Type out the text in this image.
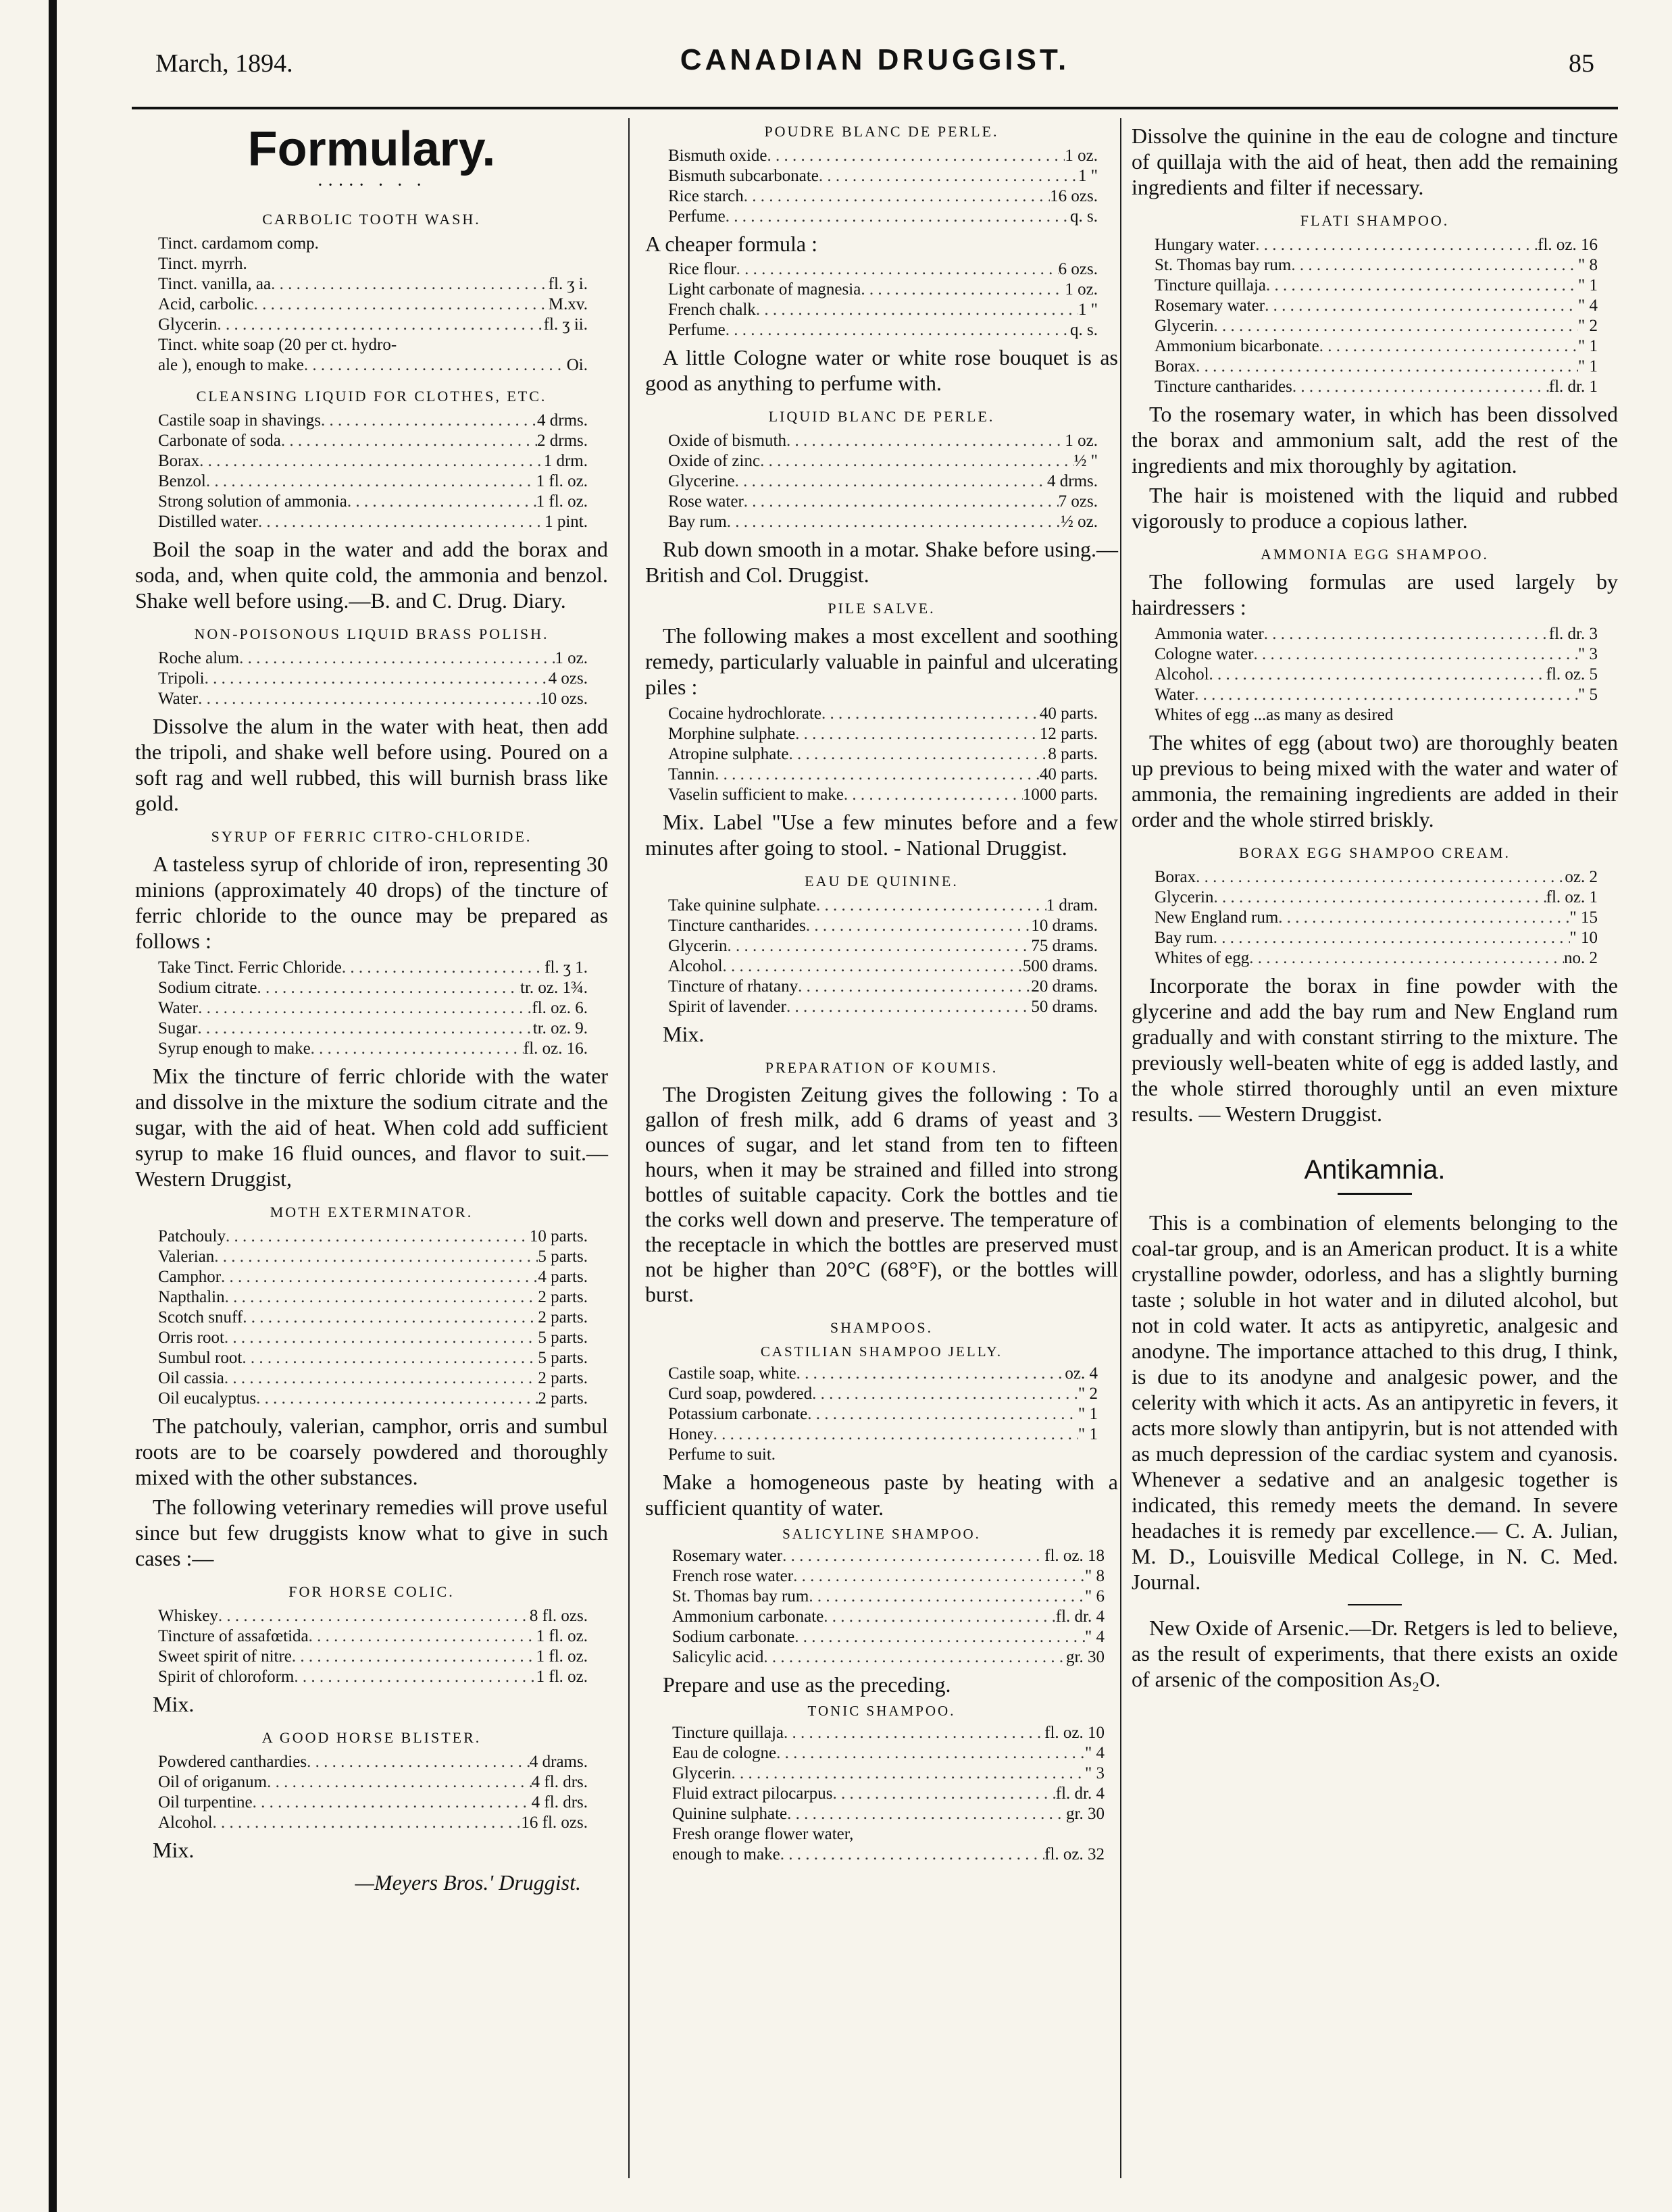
March, 1894.	CANADIAN DRUGGIST.	85
Formulary.
····· · · ·
CARBOLIC TOOTH WASH.
Tinct. cardamom comp.
Tinct. myrrh.
Tinct. vanilla, aa . . .	fl. ʒ i.
Acid, carbolic . . .	M.xv.
Glycerin . . .	fl. ʒ ii.
Tinct. white soap (20 per ct. hydro-
ale ), enough to make . . .	Oi.
CLEANSING LIQUID FOR CLOTHES, ETC.
Castile soap in shavings . . .	4 drms.
Carbonate of soda . . .	2 drms.
Borax . . .	1 drm.
Benzol . . .	1 fl. oz.
Strong solution of ammonia . . .	1 fl. oz.
Distilled water . . .	1 pint.

Boil the soap in the water and add the borax and soda, and, when quite cold, the ammonia and benzol. Shake well before using.—B. and C. Drug. Diary.

NON-POISONOUS LIQUID BRASS POLISH.
Roche alum . . .	1 oz.
Tripoli . . .	4 ozs.
Water . . .	10 ozs.

Dissolve the alum in the water with heat, then add the tripoli, and shake well before using. Poured on a soft rag and well rubbed, this will burnish brass like gold.

SYRUP OF FERRIC CITRO-CHLORIDE.

A tasteless syrup of chloride of iron, representing 30 minions (approximately 40 drops) of the tincture of ferric chloride to the ounce may be prepared as follows :

Take Tinct. Ferric Chloride . . .	fl. ʒ 1.
Sodium citrate . . .	tr. oz. 1¾.
Water . . .	fl. oz. 6.
Sugar . . .	tr. oz. 9.
Syrup enough to make . . .	fl. oz. 16.

Mix the tincture of ferric chloride with the water and dissolve in the mixture the sodium citrate and the sugar, with the aid of heat. When cold add sufficient syrup to make 16 fluid ounces, and flavor to suit.— Western Druggist,

MOTH EXTERMINATOR.
Patchouly . . .	10 parts.
Valerian . . .	5 parts.
Camphor . . .	4 parts.
Napthalin . . .	2 parts.
Scotch snuff . . .	2 parts.
Orris root . . .	5 parts.
Sumbul root . . .	5 parts.
Oil cassia . . .	2 parts.
Oil eucalyptus . . .	2 parts.

The patchouly, valerian, camphor, orris and sumbul roots are to be coarsely powdered and thoroughly mixed with the other substances.

The following veterinary remedies will prove useful since but few druggists know what to give in such cases :—

FOR HORSE COLIC.
Whiskey . . .	8 fl. ozs.
Tincture of assafœtida . . .	1 fl. oz.
Sweet spirit of nitre . . .	1 fl. oz.
Spirit of chloroform . . .	1 fl. oz.
Mix.
A GOOD HORSE BLISTER.
Powdered canthardies . . .	4 drams.
Oil of origanum . . .	4 fl. drs.
Oil turpentine . . .	4 fl. drs.
Alcohol . . .	16 fl. ozs.
Mix.

—Meyers Bros.' Druggist.

POUDRE BLANC DE PERLE.
Bismuth oxide . . .	1 oz.
Bismuth subcarbonate . . .	1 "
Rice starch . . .	16 ozs.
Perfume . . .	q. s.
A cheaper formula :
Rice flour . . .	6 ozs.
Light carbonate of magnesia . . .	1 oz.
French chalk . . .	1 "
Perfume . . .	q. s.

A little Cologne water or white rose bouquet is as good as anything to perfume with.

LIQUID BLANC DE PERLE.
Oxide of bismuth . . .	1 oz.
Oxide of zinc . . .	½ "
Glycerine . . .	4 drms.
Rose water . . .	7 ozs.
Bay rum . . .	½ oz.

Rub down smooth in a motar. Shake before using.—British and Col. Druggist.

PILE SALVE.

The following makes a most excellent and soothing remedy, particularly valuable in painful and ulcerating piles :

Cocaine hydrochlorate . . .	40 parts.
Morphine sulphate . . .	12 parts.
Atropine sulphate . . .	8 parts.
Tannin . . .	40 parts.
Vaselin sufficient to make . . .	1000 parts.

Mix. Label "Use a few minutes before and a few minutes after going to stool. - National Druggist.

EAU DE QUININE.
Take quinine sulphate . . .	1 dram.
Tincture cantharides . . .	10 drams.
Glycerin . . .	75 drams.
Alcohol . . .	500 drams.
Tincture of rhatany . . .	20 drams.
Spirit of lavender . . .	50 drams.
Mix.
PREPARATION OF KOUMIS.

The Drogisten Zeitung gives the following : To a gallon of fresh milk, add 6 drams of yeast and 3 ounces of sugar, and let stand from ten to fifteen hours, when it may be strained and filled into strong bottles of suitable capacity. Cork the bottles and tie the corks well down and preserve. The temperature of the receptacle in which the bottles are preserved must not be higher than 20°C (68°F), or the bottles will burst.

SHAMPOOS.
CASTILIAN SHAMPOO JELLY.
Castile soap, white . . .	oz. 4
Curd soap, powdered . . .	" 2
Potassium carbonate . . .	" 1
Honey . . .	" 1
Perfume to suit.

Make a homogeneous paste by heating with a sufficient quantity of water.

SALICYLINE SHAMPOO.
Rosemary water . . .	fl. oz. 18
French rose water . . .	" 8
St. Thomas bay rum . . .	" 6
Ammonium carbonate . . .	fl. dr. 4
Sodium carbonate . . .	" 4
Salicylic acid . . .	gr. 30

Prepare and use as the preceding.

TONIC SHAMPOO.
Tincture quillaja . . .	fl. oz. 10
Eau de cologne . . .	" 4
Glycerin . . .	" 3
Fluid extract pilocarpus . . .	fl. dr. 4
Quinine sulphate . . .	gr. 30
Fresh orange flower water,
enough to make . . .	fl. oz. 32

Dissolve the quinine in the eau de cologne and tincture of quillaja with the aid of heat, then add the remaining ingredients and filter if necessary.

FLATI SHAMPOO.
Hungary water . . .	fl. oz. 16
St. Thomas bay rum . . .	" 8
Tincture quillaja . . .	" 1
Rosemary water . . .	" 4
Glycerin . . .	" 2
Ammonium bicarbonate . . .	" 1
Borax . . .	" 1
Tincture cantharides . . .	fl. dr. 1

To the rosemary water, in which has been dissolved the borax and ammonium salt, add the rest of the ingredients and mix thoroughly by agitation.

The hair is moistened with the liquid and rubbed vigorously to produce a copious lather.

AMMONIA EGG SHAMPOO.

The following formulas are used largely by hairdressers :

Ammonia water . . .	fl. dr. 3
Cologne water . . .	" 3
Alcohol . . .	fl. oz. 5
Water . . .	" 5
Whites of egg ...as many as desired

The whites of egg (about two) are thoroughly beaten up previous to being mixed with the water and water of ammonia, the remaining ingredients are added in their order and the whole stirred briskly.

BORAX EGG SHAMPOO CREAM.
Borax . . .	oz. 2
Glycerin . . .	fl. oz. 1
New England rum . . .	" 15
Bay rum . . .	" 10
Whites of egg . . .	no. 2

Incorporate the borax in fine powder with the glycerine and add the bay rum and New England rum gradually and with constant stirring to the mixture. The previously well-beaten white of egg is added lastly, and the whole stirred thoroughly until an even mixture results. — Western Druggist.

Antikamnia.

This is a combination of elements belonging to the coal-tar group, and is an American product. It is a white crystalline powder, odorless, and has a slightly burning taste ; soluble in hot water and in diluted alcohol, but not in cold water. It acts as antipyretic, analgesic and anodyne. The importance attached to this drug, I think, is due to its anodyne and analgesic power, and the celerity with which it acts. As an antipyretic in fevers, it acts more slowly than antipyrin, but is not attended with as much depression of the cardiac system and cyanosis. Whenever a sedative and an analgesic together is indicated, this remedy meets the demand. In severe headaches it is remedy par excellence.— C. A. Julian, M. D., Louisville Medical College, in N. C. Med. Journal.

New Oxide of Arsenic.—Dr. Retgers is led to believe, as the result of experiments, that there exists an oxide of arsenic of the composition As₂O.
